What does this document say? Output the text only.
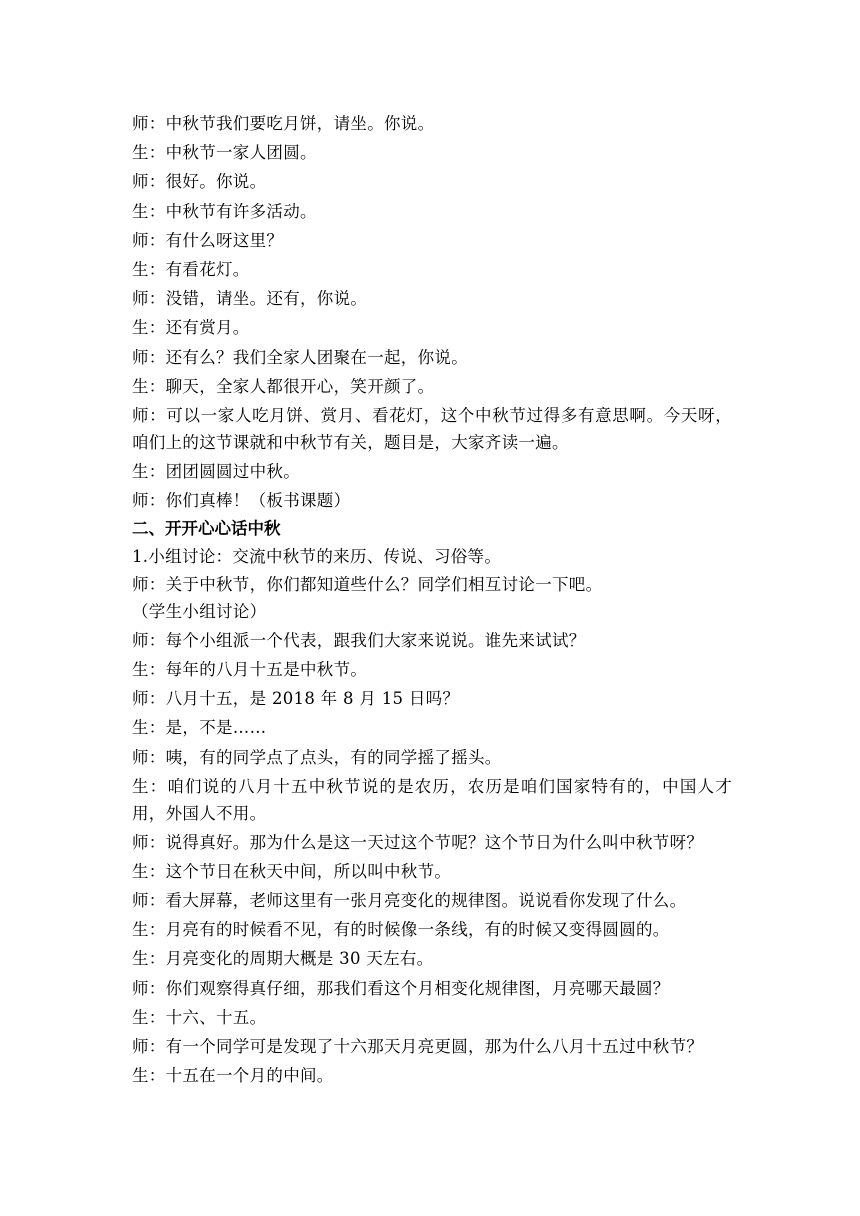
师：中秋节我们要吃月饼，请坐。你说。
生：中秋节一家人团圆。
师：很好。你说。
生：中秋节有许多活动。
师：有什么呀这里？
生：有看花灯。
师：没错，请坐。还有，你说。
生：还有赏月。
师：还有么？我们全家人团聚在一起，你说。
生：聊天，全家人都很开心，笑开颜了。
师：可以一家人吃月饼、赏月、看花灯，这个中秋节过得多有意思啊。今天呀，咱们上的这节课就和中秋节有关，题目是，大家齐读一遍。
生：团团圆圆过中秋。
师：你们真棒！（板书课题）
二、开开心心话中秋
1.小组讨论：交流中秋节的来历、传说、习俗等。
师：关于中秋节，你们都知道些什么？同学们相互讨论一下吧。
（学生小组讨论）
师：每个小组派一个代表，跟我们大家来说说。谁先来试试？
生：每年的八月十五是中秋节。
师：八月十五，是 2018 年 8 月 15 日吗？
生：是，不是……
师：咦，有的同学点了点头，有的同学摇了摇头。
生：咱们说的八月十五中秋节说的是农历，农历是咱们国家特有的，中国人才用，外国人不用。
师：说得真好。那为什么是这一天过这个节呢？这个节日为什么叫中秋节呀？
生：这个节日在秋天中间，所以叫中秋节。
师：看大屏幕，老师这里有一张月亮变化的规律图。说说看你发现了什么。
生：月亮有的时候看不见，有的时候像一条线，有的时候又变得圆圆的。
生：月亮变化的周期大概是 30 天左右。
师：你们观察得真仔细，那我们看这个月相变化规律图，月亮哪天最圆？
生：十六、十五。
师：有一个同学可是发现了十六那天月亮更圆，那为什么八月十五过中秋节？
生：十五在一个月的中间。
